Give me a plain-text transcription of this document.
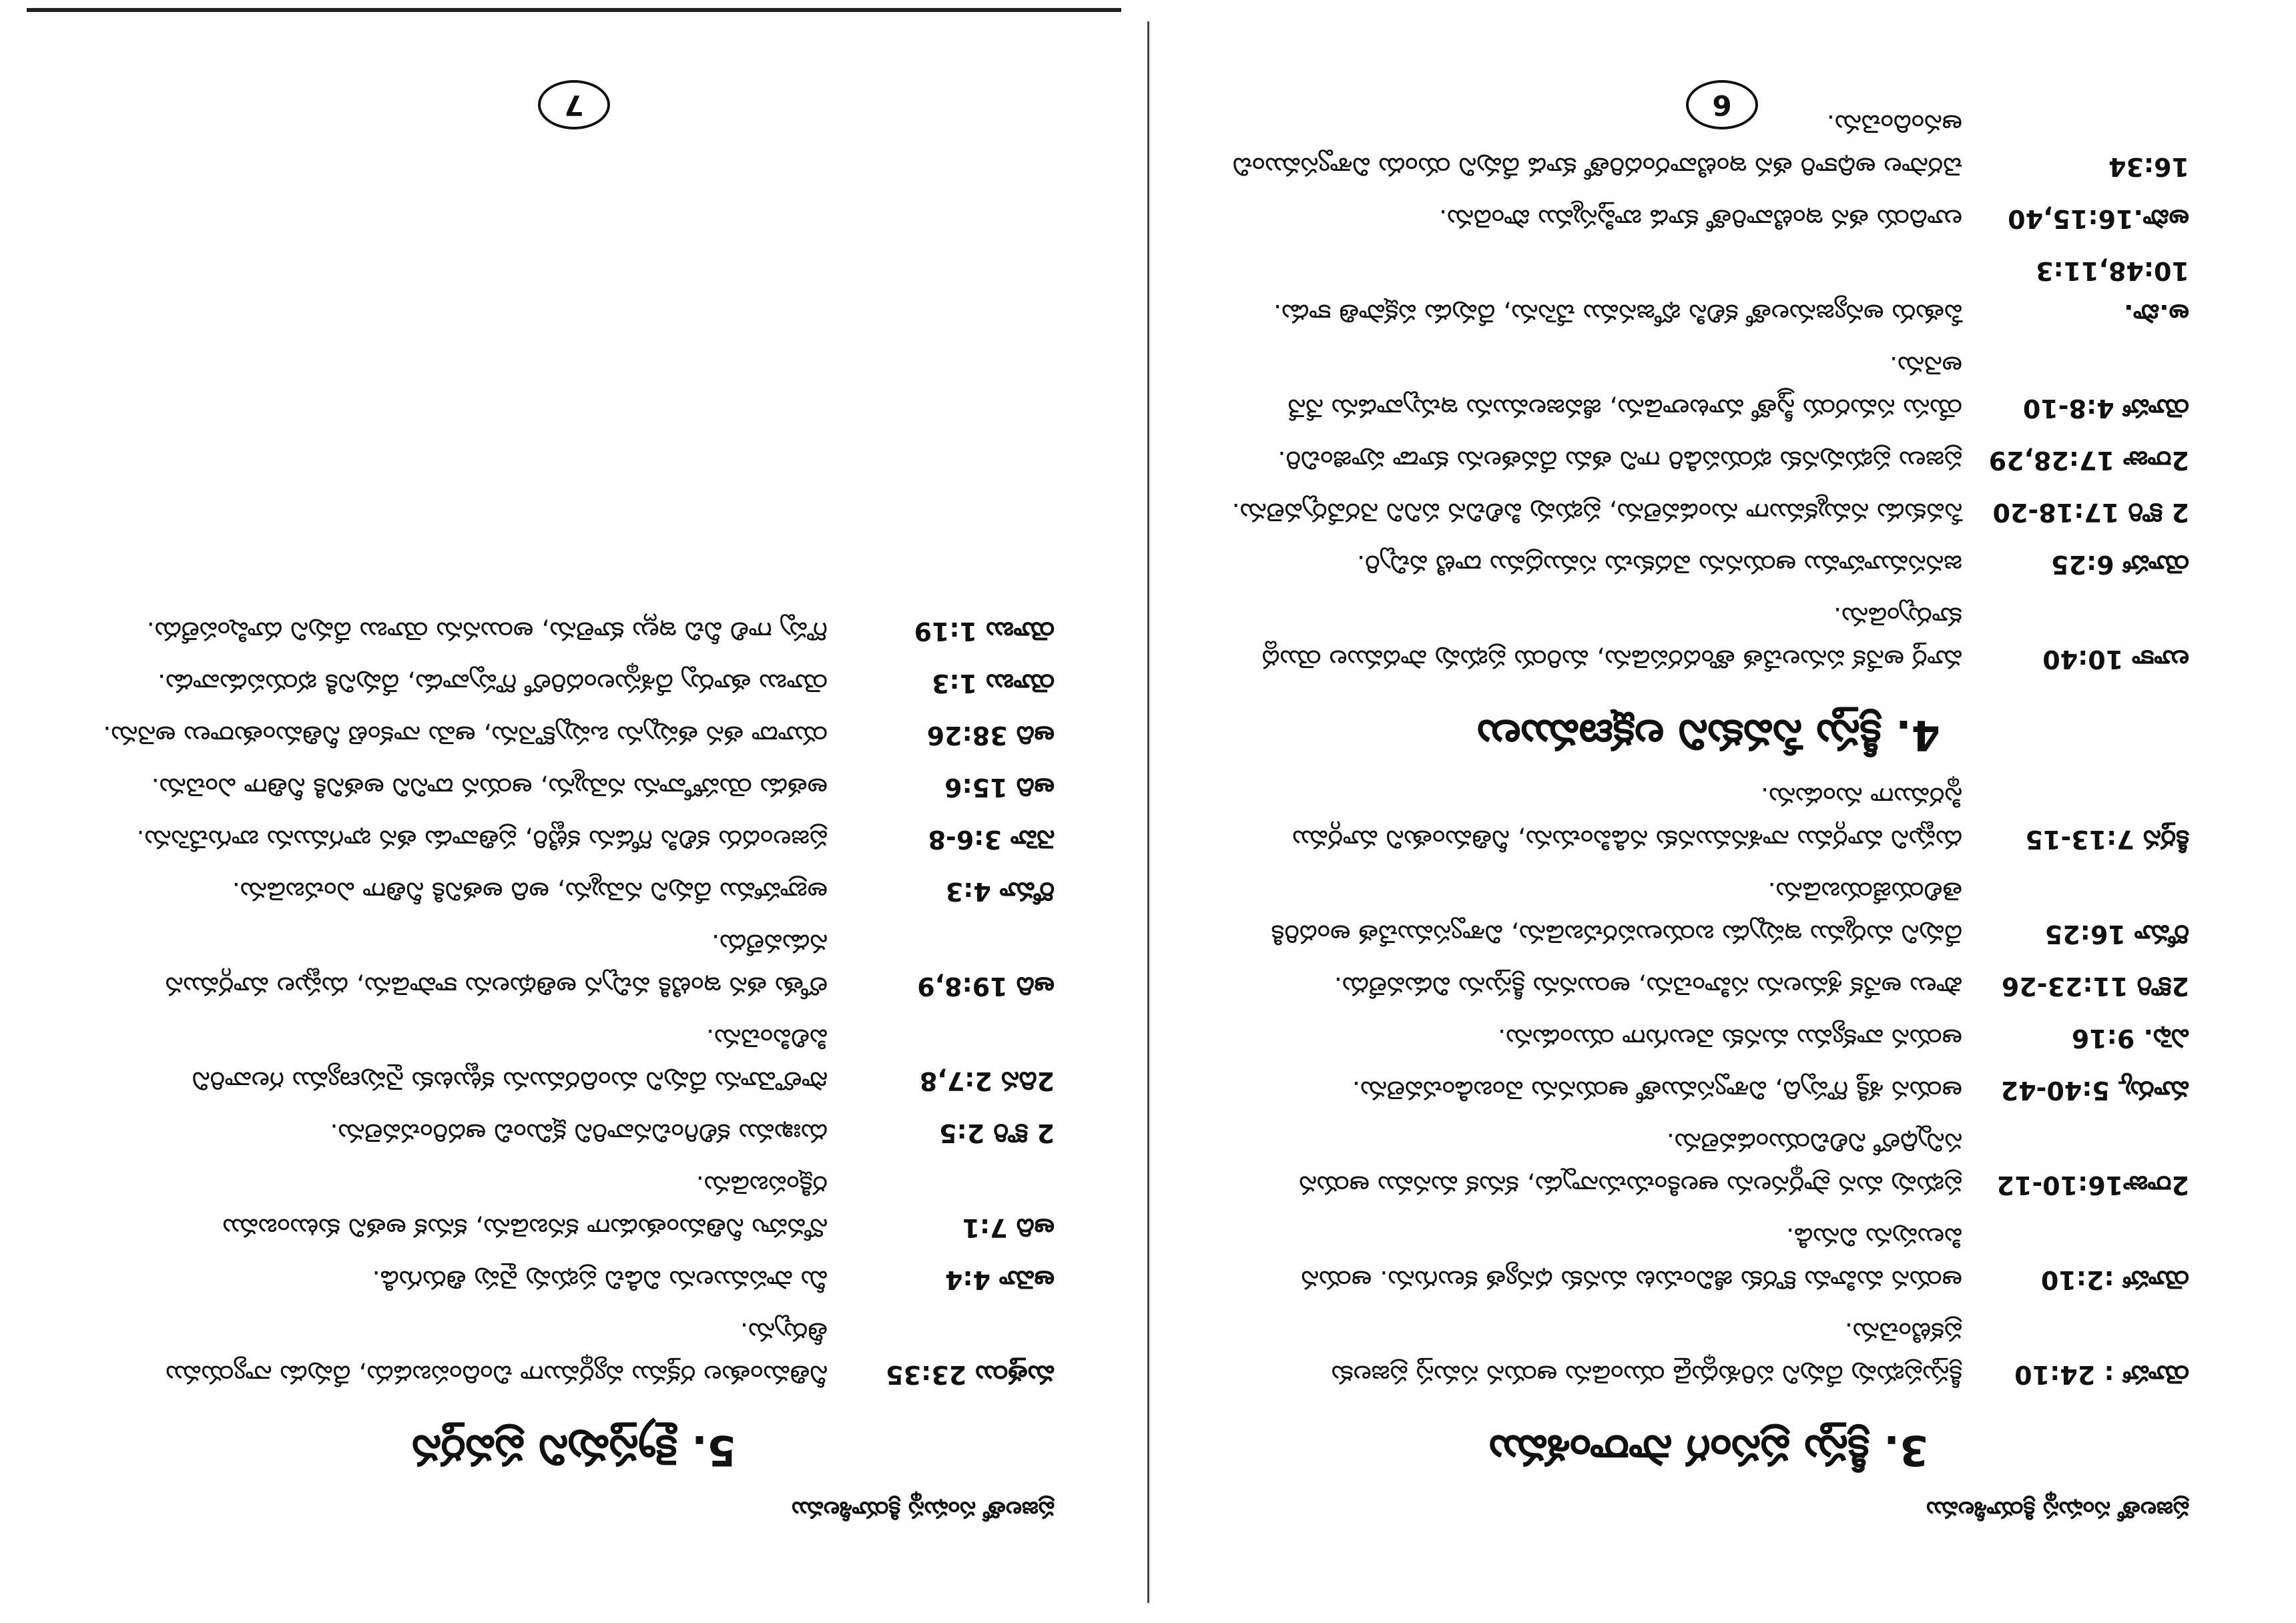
ప్రజలతో సంఘస్థ క్రియాశీలము
3. క్రీస్తు ప్రసంగ సారాంశము
యోహా : 24:10
క్రీస్తుప్రభువు దేవుని పరిశుద్ధుడై యుండెను ఆయన సమస్త ప్రజలకు ప్రకటించెను.
యోహా :2:10
ఆయన మహిమ కొరకు జీవించుట మనకు ధన్యత కలుగును. ఆయన పిలుపును వినుడి.
2రాజు16:10-12
ప్రభువు మన ప్రార్థనలను ఆలకించుచున్నాడు, కనుక మనము ఆయన సన్నిధిలో నిలిచియుండవలెను.
మార్కు 5:40-42
ఆయన శక్తి గొప్పది, విశ్వాసముతో ఆయనను వెంబడించవలెను.
ఎఫె. 9:16
ఆయన వాక్యము మనకు వెలుగుగా యుండును.
2కొరి 11:23-26
పౌలు అనేక శ్రమలను సహించెను, అయినను క్రీస్తును విడువలేదు.
రోమా 16:25
దేవుని మర్మము ఇప్పుడు బయలుపరచబడెను, విశ్వాసముచేత అందరికి తెలియజేయబడెను.
కీర్తన 7:13-15
దుష్టుని మార్గము నాశనమునకు నడిపించును, నీతిమంతుని మార్గము స్థిరముగా నుండును.
4. క్రీస్తు సేవకుని లక్షణములు
లూకా 10:40
మార్త అనేక పనులచేత తొందరపడెను, మరియ ప్రభువు పాదముల యొద్ద కూర్చుండెను.
యోహా 6:25
జనసమూహము ఆయనను వెదకుచు సముద్రము దాటి వచ్చిరి.
2 కొరి 17:18-20
సేవకుడు నమ్మకముగా నుండవలెను, ప్రభువు పిలిచిన పనిని నెరవేర్చవలెను.
2రాజు 17:28,29
ప్రజలు ప్రభువునకు భయపడిరి గాని తమ దేవతలను కూడా పూజించిరి.
యోహా 4:8-10
యేసు సమరయ స్త్రీతో మాటలాడెను, జీవజలమును ఇచ్చువాడను నేనే అనెను.
అ.పొ. 10:48,11:3
పేతురు అన్యజనులతో కలిసి భోజనము చేసెను, దేవుడు పక్షపాతి కాడు.
అపొ.16:15,40
లూదియ తన ఇంటివారితో కూడ బాప్తిస్మము పొందెను.
16:34
చెరసాల అధికారి తన ఇంటివారందరితో కూడ దేవుని యందు విశ్వాసముంచి ఆనందించెను.
6
ప్రజలతో సంఘస్థ క్రియాశీలము
5. క్రైస్తవుని ప్రవర్తన
మత్తయి 23:35
నీతిమంతుల రక్తము వ్యర్థముగా చిందింపబడదు, దేవుడు న్యాయము తీర్చును.
ఆమో 4:4
మీ పాపములను విడిచి ప్రభువు వైపు తిరుగుడి.
ఆది 7:1
నోవహు నీతిమంతుడుగా కనబడెను, కనుక అతని కుటుంబము రక్షింపబడెను.
2 కొరి 2:5
దుఃఖము కలిగించినవారిని క్షమించి ఆదరించవలెను.
2దిన 2:7,8
సొలొమోను దేవుని మందిరమును కట్టుటకు నైపుణ్యము గలవారిని పిలిపించెను.
ఆది 19:8,9
లోతు తన ఇంటికి వచ్చిన అతిథులను కాపాడెను, దుష్టుల మార్గమున నడువలేదు.
రోమా 4:3
అబ్రాహాము దేవుని నమ్మెను, అది అతనికి నీతిగా ఎంచబడెను.
నెహె 3:6-8
ప్రజలందరు కలిసి గోడను కట్టిరి, ప్రతివాడు తన భాగమును బాగుచేసెను.
ఆది 15:6
అతడు యెహోవాను నమ్మెను, ఆయన దానిని అతనికి నీతిగా ఎంచెను.
ఆది 38:26
యూదా తన తప్పును ఒప్పుకొనెను, ఆమె నాకంటె నీతిమంతురాలు అనెను.
యోబు 1:3
యోబు తూర్పు దేశస్థులందరిలో గొప్పవాడు, దేవునికి భయపడువాడు.
యోబు 1:19
గొప్ప గాలి వీచి ఇల్లు కూలెను, అయినను యోబు దేవుని దూషింపలేదు.
7
